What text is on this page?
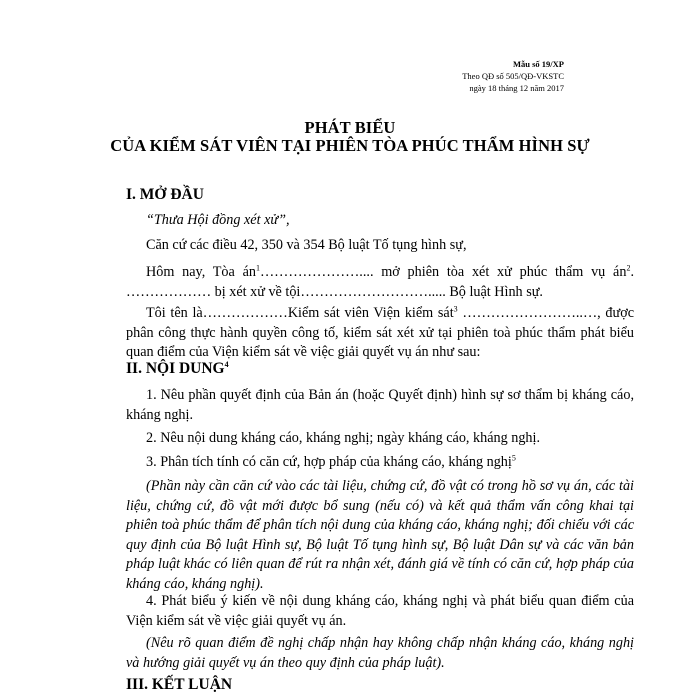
Mẫu số 19/XP
Theo QĐ số 505/QĐ-VKSTC
ngày 18 tháng 12 năm 2017
PHÁT BIỂU
CỦA KIỂM SÁT VIÊN TẠI PHIÊN TÒA PHÚC THẨM HÌNH SỰ
I. MỞ ĐẦU
“Thưa Hội đồng xét xử”,
Căn cứ các điều 42, 350 và 354 Bộ luật Tố tụng hình sự,
Hôm nay, Tòa $án^1\dots\dots\dots\dots\dots\dots\dots$.... mở phiên tòa xét xử phúc thẩm vụ $án^2$. ……………… bị xét xử về tội………………………..... Bộ luật Hình sự.
Tôi tên là………………Kiểm sát viên Viện kiểm sát$^3$ ……………………..…, được phân công thực hành quyền công tố, kiểm sát xét xử tại phiên toà phúc thẩm phát biểu quan điểm của Viện kiểm sát về việc giải quyết vụ án như sau:
II. NỘI DUNG$^4$
1. Nêu phần quyết định của Bản án (hoặc Quyết định) hình sự sơ thẩm bị kháng cáo, kháng nghị.
2. Nêu nội dung kháng cáo, kháng nghị; ngày kháng cáo, kháng nghị.
3. Phân tích tính có căn cứ, hợp pháp của kháng cáo, kháng nghị$^5$
(Phần này cần căn cứ vào các tài liệu, chứng cứ, đồ vật có trong hồ sơ vụ án, các tài liệu, chứng cứ, đồ vật mới được bổ sung (nếu có) và kết quả thẩm vấn công khai tại phiên toà phúc thẩm để phân tích nội dung của kháng cáo, kháng nghị; đối chiếu với các quy định của Bộ luật Hình sự, Bộ luật Tố tụng hình sự, Bộ luật Dân sự và các văn bản pháp luật khác có liên quan để rút ra nhận xét, đánh giá về tính có căn cứ, hợp pháp của kháng cáo, kháng nghị).
4. Phát biểu ý kiến về nội dung kháng cáo, kháng nghị và phát biểu quan điểm của Viện kiểm sát về việc giải quyết vụ án.
(Nêu rõ quan điểm đề nghị chấp nhận hay không chấp nhận kháng cáo, kháng nghị và hướng giải quyết vụ án theo quy định của pháp luật).
III. KẾT LUẬN
